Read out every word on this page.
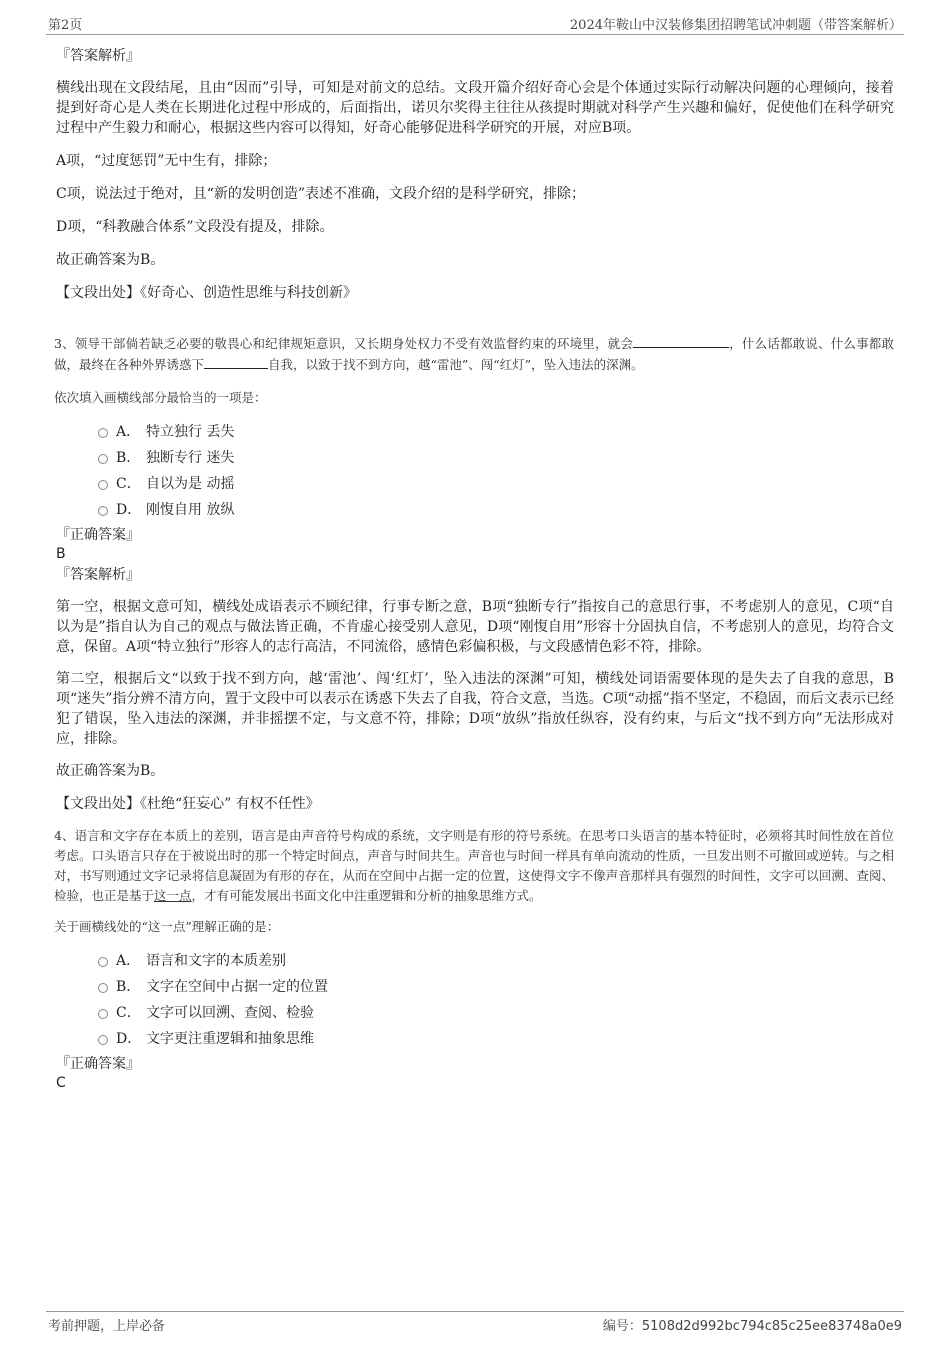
第2页	2024年鞍山中汉装修集团招聘笔试冲刺题（带答案解析）

『答案解析』

横线出现在文段结尾，且由“因而”引导，可知是对前文的总结。文段开篇介绍好奇心会是个体通过实际行动解决问题的心理倾向，接着提到好奇心是人类在长期进化过程中形成的，后面指出，诺贝尔奖得主往往从孩提时期就对科学产生兴趣和偏好，促使他们在科学研究过程中产生毅力和耐心，根据这些内容可以得知，好奇心能够促进科学研究的开展，对应B项。

A项，“过度惩罚”无中生有，排除；

C项，说法过于绝对，且“新的发明创造”表述不准确，文段介绍的是科学研究，排除；

D项，“科教融合体系”文段没有提及，排除。

故正确答案为B。

【文段出处】《好奇心、创造性思维与科技创新》

3、领导干部倘若缺乏必要的敬畏心和纪律规矩意识，又长期身处权力不受有效监督约束的环境里，就会	，什么话都敢说、什么事都敢做，最终在各种外界诱惑下	自我，以致于找不到方向，越“雷池”、闯“红灯”，坠入违法的深渊。

依次填入画横线部分最恰当的一项是：

A． 特立独行 丢失
B． 独断专行 迷失
C． 自以为是 动摇
D． 刚愎自用 放纵

『正确答案』

B

『答案解析』

第一空，根据文意可知，横线处成语表示不顾纪律，行事专断之意，B项“独断专行”指按自己的意思行事，不考虑别人的意见，C项“自以为是”指自认为自己的观点与做法皆正确，不肯虚心接受别人意见，D项“刚愎自用”形容十分固执自信，不考虑别人的意见，均符合文意，保留。A项“特立独行”形容人的志行高洁，不同流俗，感情色彩偏积极，与文段感情色彩不符，排除。

第二空，根据后文“以致于找不到方向，越‘雷池’、闯‘红灯’，坠入违法的深渊”可知，横线处词语需要体现的是失去了自我的意思，B项“迷失”指分辨不清方向，置于文段中可以表示在诱惑下失去了自我，符合文意，当选。C项“动摇”指不坚定，不稳固，而后文表示已经犯了错误，坠入违法的深渊，并非摇摆不定，与文意不符，排除；D项“放纵”指放任纵容，没有约束，与后文“找不到方向”无法形成对应，排除。

故正确答案为B。

【文段出处】《杜绝“狂妄心” 有权不任性》

4、语言和文字存在本质上的差别，语言是由声音符号构成的系统，文字则是有形的符号系统。在思考口头语言的基本特征时，必须将其时间性放在首位考虑。口头语言只存在于被说出时的那一个特定时间点，声音与时间共生。声音也与时间一样具有单向流动的性质，一旦发出则不可撤回或逆转。与之相对，书写则通过文字记录将信息凝固为有形的存在，从而在空间中占据一定的位置，这使得文字不像声音那样具有强烈的时间性，文字可以回溯、查阅、检验，也正是基于这一点，才有可能发展出书面文化中注重逻辑和分析的抽象思维方式。

关于画横线处的“这一点”理解正确的是：

A． 语言和文字的本质差别
B． 文字在空间中占据一定的位置
C． 文字可以回溯、查阅、检验
D． 文字更注重逻辑和抽象思维

『正确答案』

C

考前押题，上岸必备	编号：5108d2d992bc794c85c25ee83748a0e9
